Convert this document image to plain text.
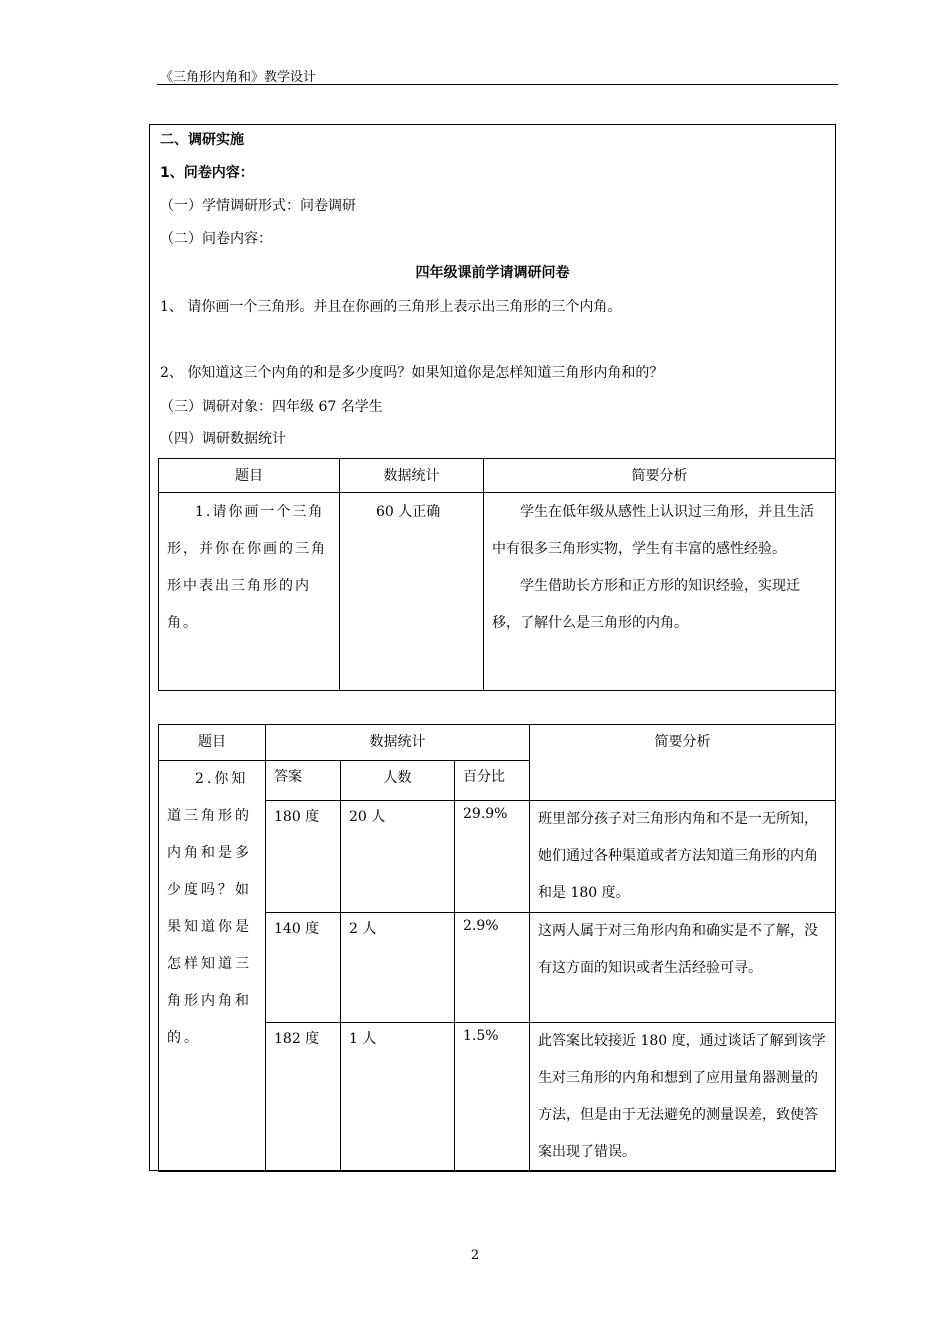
《三角形内角和》教学设计
二、调研实施
1、问卷内容：
（一）学情调研形式：问卷调研
（二）问卷内容：
四年级课前学请调研问卷
1、 请你画一个三角形。并且在你画的三角形上表示出三角形的三个内角。
2、 你知道这三个内角的和是多少度吗？如果知道你是怎样知道三角形内角和的？
（三）调研对象：四年级 67 名学生
（四）调研数据统计
题目	数据统计	简要分析

1.请你画一个三角形，并你在你画的三角形中表出三角形的内角。	60 人正确	学生在低年级从感性上认识过三角形，并且生活中有很多三角形实物，学生有丰富的感性经验。
学生借助长方形和正方形的知识经验，实现迁移，了解什么是三角形的内角。
题目	数据统计			简要分析

2.你知道三角形的内角和是多少度吗？如果知道你是怎样知道三角形内角和的。	答案	人数	百分比	
	180 度	20 人	29.9%	班里部分孩子对三角形内角和不是一无所知，她们通过各种渠道或者方法知道三角形的内角和是 180 度。

	140 度	2 人	2.9%	这两人属于对三角形内角和确实是不了解，没有这方面的知识或者生活经验可寻。

	182 度	1 人	1.5%	此答案比较接近 180 度，通过谈话了解到该学生对三角形的内角和想到了应用量角器测量的方法，但是由于无法避免的测量误差，致使答案出现了错误。
2
